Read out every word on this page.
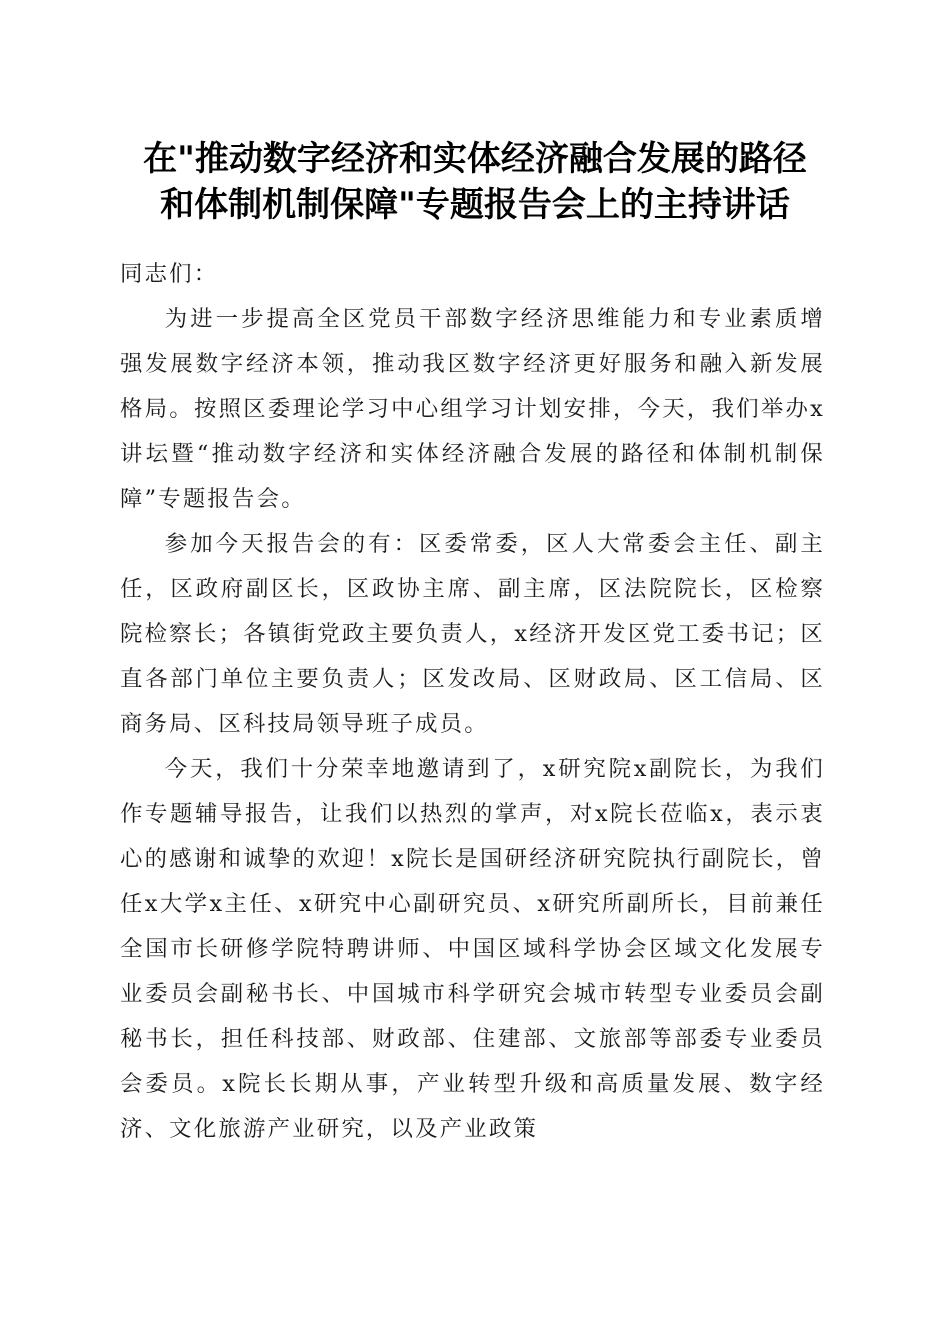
在"推动数字经济和实体经济融合发展的路径
和体制机制保障"专题报告会上的主持讲话

同志们：

为进一步提高全区党员干部数字经济思维能力和专业素质增强发展数字经济本领，推动我区数字经济更好服务和融入新发展格局。按照区委理论学习中心组学习计划安排，今天，我们举办x讲坛暨“推动数字经济和实体经济融合发展的路径和体制机制保障”专题报告会。

参加今天报告会的有：区委常委，区人大常委会主任、副主任，区政府副区长，区政协主席、副主席，区法院院长，区检察院检察长；各镇街党政主要负责人，x经济开发区党工委书记；区直各部门单位主要负责人；区发改局、区财政局、区工信局、区商务局、区科技局领导班子成员。

今天，我们十分荣幸地邀请到了，x研究院x副院长，为我们作专题辅导报告，让我们以热烈的掌声，对x院长莅临x，表示衷心的感谢和诚挚的欢迎！x院长是国研经济研究院执行副院长，曾任x大学x主任、x研究中心副研究员、x研究所副所长，目前兼任全国市长研修学院特聘讲师、中国区域科学协会区域文化发展专业委员会副秘书长、中国城市科学研究会城市转型专业委员会副秘书长，担任科技部、财政部、住建部、文旅部等部委专业委员会委员。x院长长期从事，产业转型升级和高质量发展、数字经济、文化旅游产业研究，以及产业政策
